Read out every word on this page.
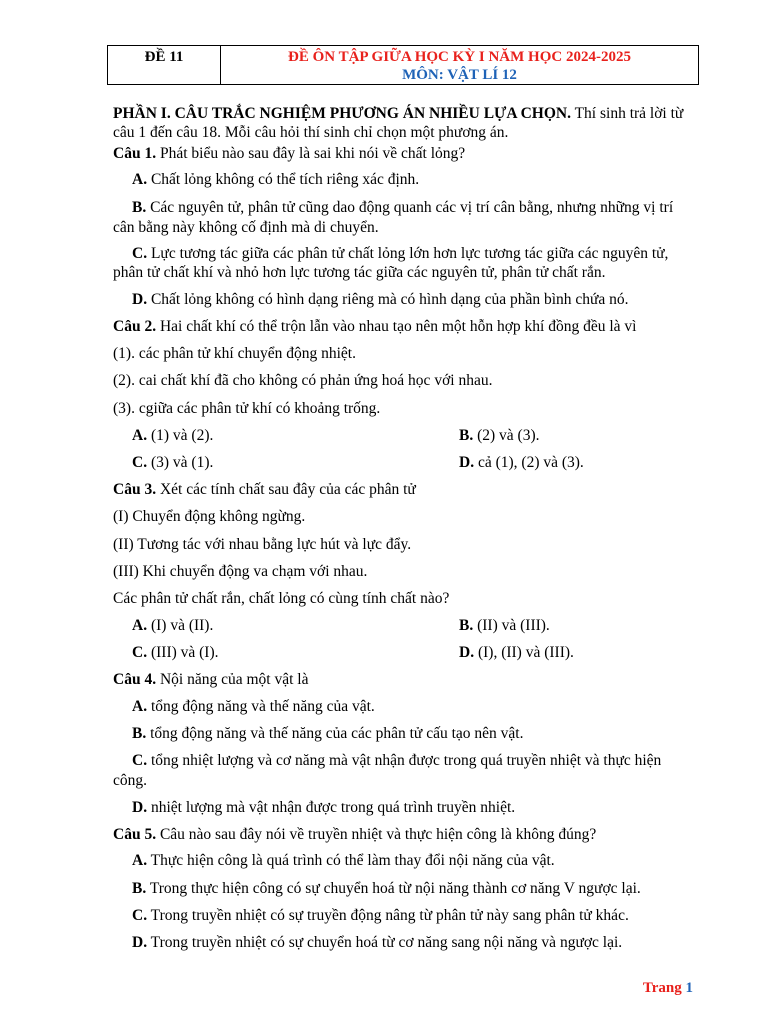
ĐỀ 11	ĐỀ ÔN TẬP GIỮA HỌC KỲ I NĂM HỌC 2024-2025
MÔN: VẬT LÍ 12
PHẦN I. CÂU TRẮC NGHIỆM PHƯƠNG ÁN NHIỀU LỰA CHỌN. Thí sinh trả lời từ
câu 1 đến câu 18. Mỗi câu hỏi thí sinh chỉ chọn một phương án.
Câu 1. Phát biểu nào sau đây là sai khi nói về chất lỏng?
A. Chất lỏng không có thể tích riêng xác định.
B. Các nguyên tử, phân tử cũng dao động quanh các vị trí cân bằng, nhưng những vị trí
cân bằng này không cố định mà di chuyển.
C. Lực tương tác giữa các phân tử chất lỏng lớn hơn lực tương tác giữa các nguyên tử,
phân tử chất khí và nhỏ hơn lực tương tác giữa các nguyên tử, phân tử chất rắn.
D. Chất lỏng không có hình dạng riêng mà có hình dạng của phần bình chứa nó.
Câu 2. Hai chất khí có thể trộn lẫn vào nhau tạo nên một hỗn hợp khí đồng đều là vì
(1). các phân tử khí chuyển động nhiệt.
(2). cai chất khí đã cho không có phản ứng hoá học với nhau.
(3). cgiữa các phân tử khí có khoảng trống.
A. (1) và (2).	B. (2) và (3).
C. (3) và (1).	D. cả (1), (2) và (3).
Câu 3. Xét các tính chất sau đây của các phân tử
(I) Chuyển động không ngừng.
(II) Tương tác với nhau bằng lực hút và lực đẩy.
(III) Khi chuyển động va chạm với nhau.
Các phân tử chất rắn, chất lỏng có cùng tính chất nào?
A. (I) và (II).	B. (II) và (III).
C. (III) và (I).	D. (I), (II) và (III).
Câu 4. Nội năng của một vật là
A. tổng động năng và thế năng của vật.
B. tổng động năng và thế năng của các phân tử cấu tạo nên vật.
C. tổng nhiệt lượng và cơ năng mà vật nhận được trong quá truyền nhiệt và thực hiện
công.
D. nhiệt lượng mà vật nhận được trong quá trình truyền nhiệt.
Câu 5. Câu nào sau đây nói về truyền nhiệt và thực hiện công là không đúng?
A. Thực hiện công là quá trình có thể làm thay đổi nội năng của vật.
B. Trong thực hiện công có sự chuyển hoá từ nội năng thành cơ năng V ngược lại.
C. Trong truyền nhiệt có sự truyền động nâng từ phân tử này sang phân tử khác.
D. Trong truyền nhiệt có sự chuyển hoá từ cơ năng sang nội năng và ngược lại.
Trang 1
